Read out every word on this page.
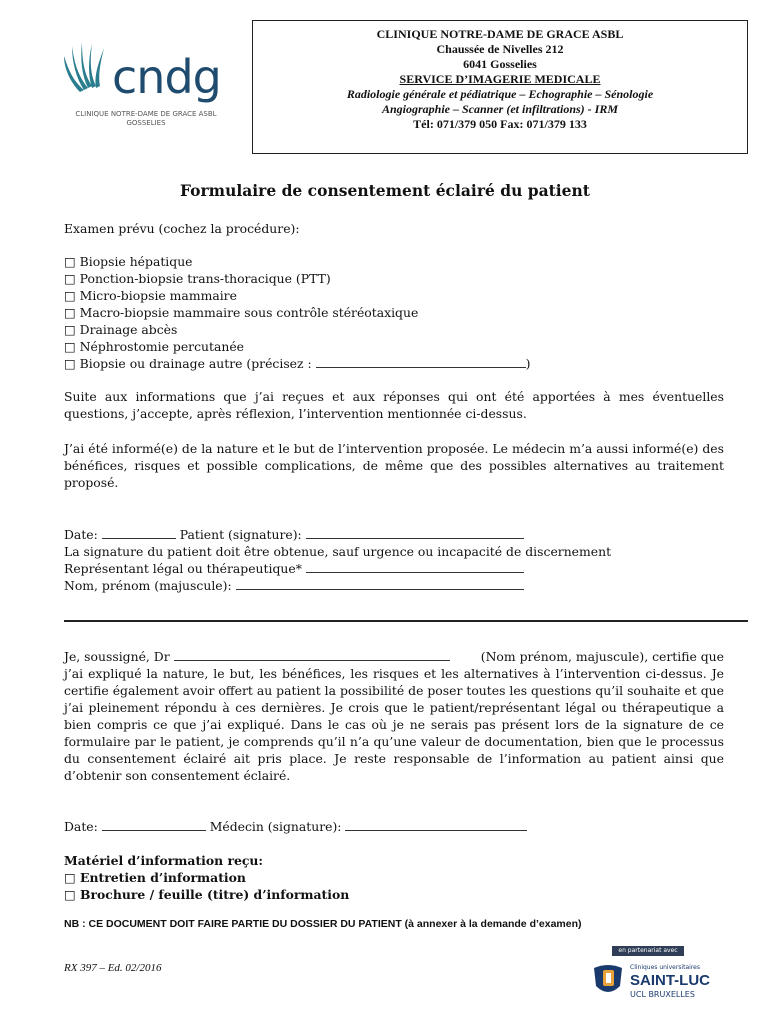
cndg
CLINIQUE NOTRE-DAME DE GRACE ASBL
GOSSELIES
CLINIQUE NOTRE-DAME DE GRACE ASBL
Chaussée de Nivelles 212
6041 Gosselies
SERVICE D’IMAGERIE MEDICALE
Radiologie générale et pédiatrique – Echographie – Sénologie
Angiographie – Scanner (et infiltrations) - IRM
Tél: 071/379 050 Fax: 071/379 133
Formulaire de consentement éclairé du patient
Examen prévu (cochez la procédure):
□ Biopsie hépatique
□ Ponction-biopsie trans-thoracique (PTT)
□ Micro-biopsie mammaire
□ Macro-biopsie mammaire sous contrôle stéréotaxique
□ Drainage abcès
□ Néphrostomie percutanée
□ Biopsie ou drainage autre (précisez :	)
Suite aux informations que j’ai reçues et aux réponses qui ont été apportées à mes éventuelles questions, j’accepte, après réflexion, l’intervention mentionnée ci-dessus.
J’ai été informé(e) de la nature et le but de l’intervention proposée. Le médecin m’a aussi informé(e) des bénéfices, risques et possible complications, de même que des possibles alternatives au traitement proposé.
Date:	Patient (signature):
La signature du patient doit être obtenue, sauf urgence ou incapacité de discernement
Représentant légal ou thérapeutique*
Nom, prénom (majuscule):
Je, soussigné, Dr	(Nom prénom, majuscule), certifie que
j’ai expliqué la nature, le but, les bénéfices, les risques et les alternatives à l’intervention ci-dessus. Je certifie également avoir offert au patient la possibilité de poser toutes les questions qu’il souhaite et que j’ai pleinement répondu à ces dernières. Je crois que le patient/représentant légal ou thérapeutique a bien compris ce que j’ai expliqué. Dans le cas où je ne serais pas présent lors de la signature de ce formulaire par le patient, je comprends qu’il n’a qu’une valeur de documentation, bien que le processus du consentement éclairé ait pris place. Je reste responsable de l’information au patient ainsi que d’obtenir son consentement éclairé.
Date:	Médecin (signature):
Matériel d’information reçu:
□ Entretien d’information
□ Brochure / feuille (titre) d’information
NB : CE DOCUMENT DOIT FAIRE PARTIE DU DOSSIER DU PATIENT (à annexer à la demande d’examen)
RX 397 – Ed. 02/2016
en partenariat avec
Cliniques universitaires
SAINT-LUC
UCL BRUXELLES
